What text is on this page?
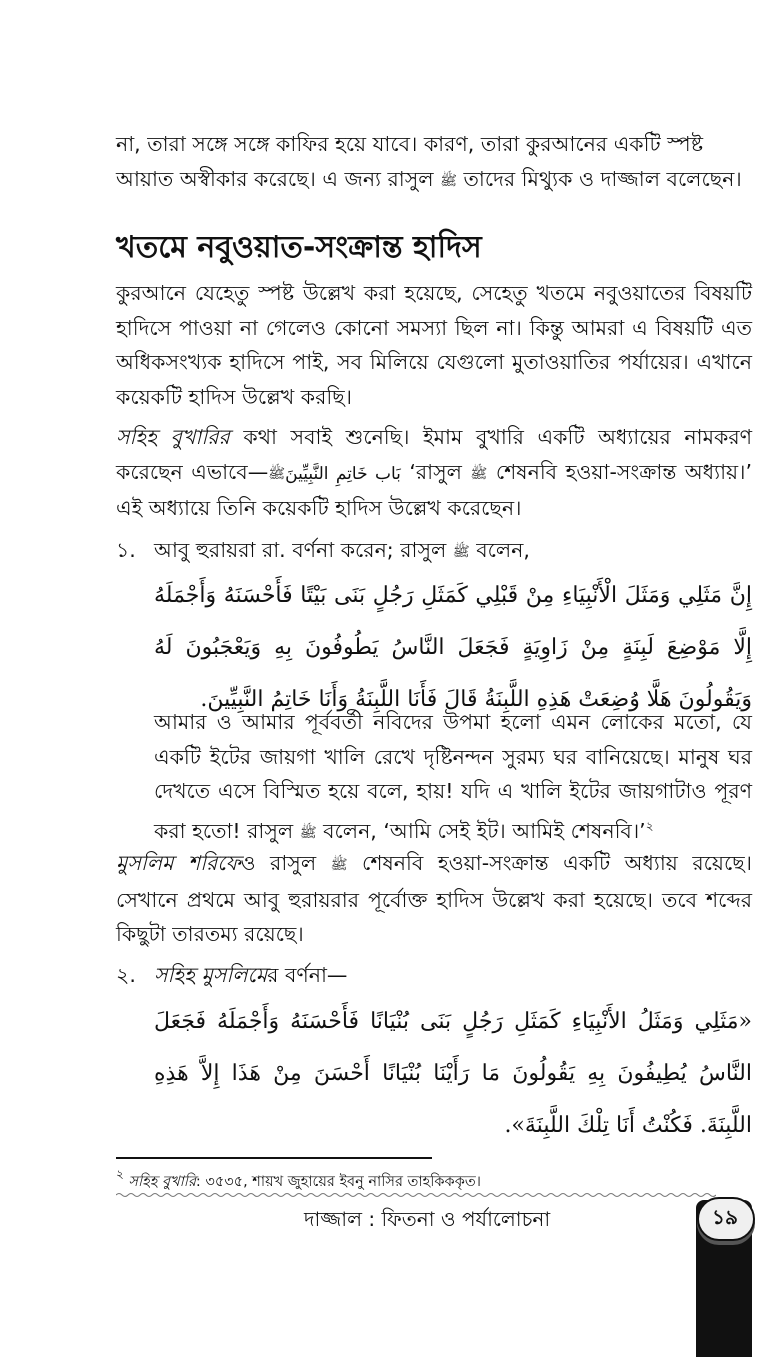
না, তারা সঙ্গে সঙ্গে কাফির হয়ে যাবে। কারণ, তারা কুরআনের একটি স্পষ্ট
আয়াত অস্বীকার করেছে। এ জন্য রাসুল ﷺ তাদের মিথ্যুক ও দাজ্জাল বলেছেন।

খতমে নবুওয়াত-সংক্রান্ত হাদিস

কুরআনে যেহেতু স্পষ্ট উল্লেখ করা হয়েছে, সেহেতু খতমে নবুওয়াতের বিষয়টি হাদিসে পাওয়া না গেলেও কোনো সমস্যা ছিল না। কিন্তু আমরা এ বিষয়টি এত অধিকসংখ্যক হাদিসে পাই, সব মিলিয়ে যেগুলো মুতাওয়াতির পর্যায়ের। এখানে কয়েকটি হাদিস উল্লেখ করছি।

সহিহ বুখারির কথা সবাই শুনেছি। ইমাম বুখারি একটি অধ্যায়ের নামকরণ করেছেন এভাবে—ﷺبَاب خَاتِمِ النَّبِيِّينَ ‘রাসুল ﷺ শেষনবি হওয়া-সংক্রান্ত অধ্যায়।’ এই অধ্যায়ে তিনি কয়েকটি হাদিস উল্লেখ করেছেন।

১. আবু হুরায়রা রা. বর্ণনা করেন; রাসুল ﷺ বলেন,

إِنَّ مَثَلِي وَمَثَلَ الْأَنْبِيَاءِ مِنْ قَبْلِي كَمَثَلِ رَجُلٍ بَنَى بَيْتًا فَأَحْسَنَهُ وَأَجْمَلَهُ إِلَّا مَوْضِعَ لَبِنَةٍ مِنْ زَاوِيَةٍ فَجَعَلَ النَّاسُ يَطُوفُونَ بِهِ وَيَعْجَبُونَ لَهُ وَيَقُولُونَ هَلَّا وُضِعَتْ هَذِهِ اللَّبِنَةُ قَالَ فَأَنَا اللَّبِنَةُ وَأَنَا خَاتِمُ النَّبِيِّينَ.

আমার ও আমার পূর্ববর্তী নবিদের উপমা হলো এমন লোকের মতো, যে একটি ইটের জায়গা খালি রেখে দৃষ্টিনন্দন সুরম্য ঘর বানিয়েছে। মানুষ ঘর দেখতে এসে বিস্মিত হয়ে বলে, হায়! যদি এ খালি ইটের জায়গাটাও পূরণ করা হতো! রাসুল ﷺ বলেন, ‘আমি সেই ইট। আমিই শেষনবি।’$^২$

মুসলিম শরিফেও রাসুল ﷺ শেষনবি হওয়া-সংক্রান্ত একটি অধ্যায় রয়েছে। সেখানে প্রথমে আবু হুরায়রার পূর্বোক্ত হাদিস উল্লেখ করা হয়েছে। তবে শব্দের কিছুটা তারতম্য রয়েছে।

২. সহিহ মুসলিমের বর্ণনা—

«مَثَلِي وَمَثَلُ الأَنْبِيَاءِ كَمَثَلِ رَجُلٍ بَنَى بُنْيَانًا فَأَحْسَنَهُ وَأَجْمَلَهُ فَجَعَلَ النَّاسُ يُطِيفُونَ بِهِ يَقُولُونَ مَا رَأَيْنَا بُنْيَانًا أَحْسَنَ مِنْ هَذَا إِلاَّ هَذِهِ اللَّبِنَةَ. فَكُنْتُ أَنَا تِلْكَ اللَّبِنَةَ».

$^২$ সহিহ বুখারি: ৩৫৩৫, শায়খ জুহায়ের ইবনু নাসির তাহকিককৃত।
দাজ্জাল : ফিতনা ও পর্যালোচনা	১৯
